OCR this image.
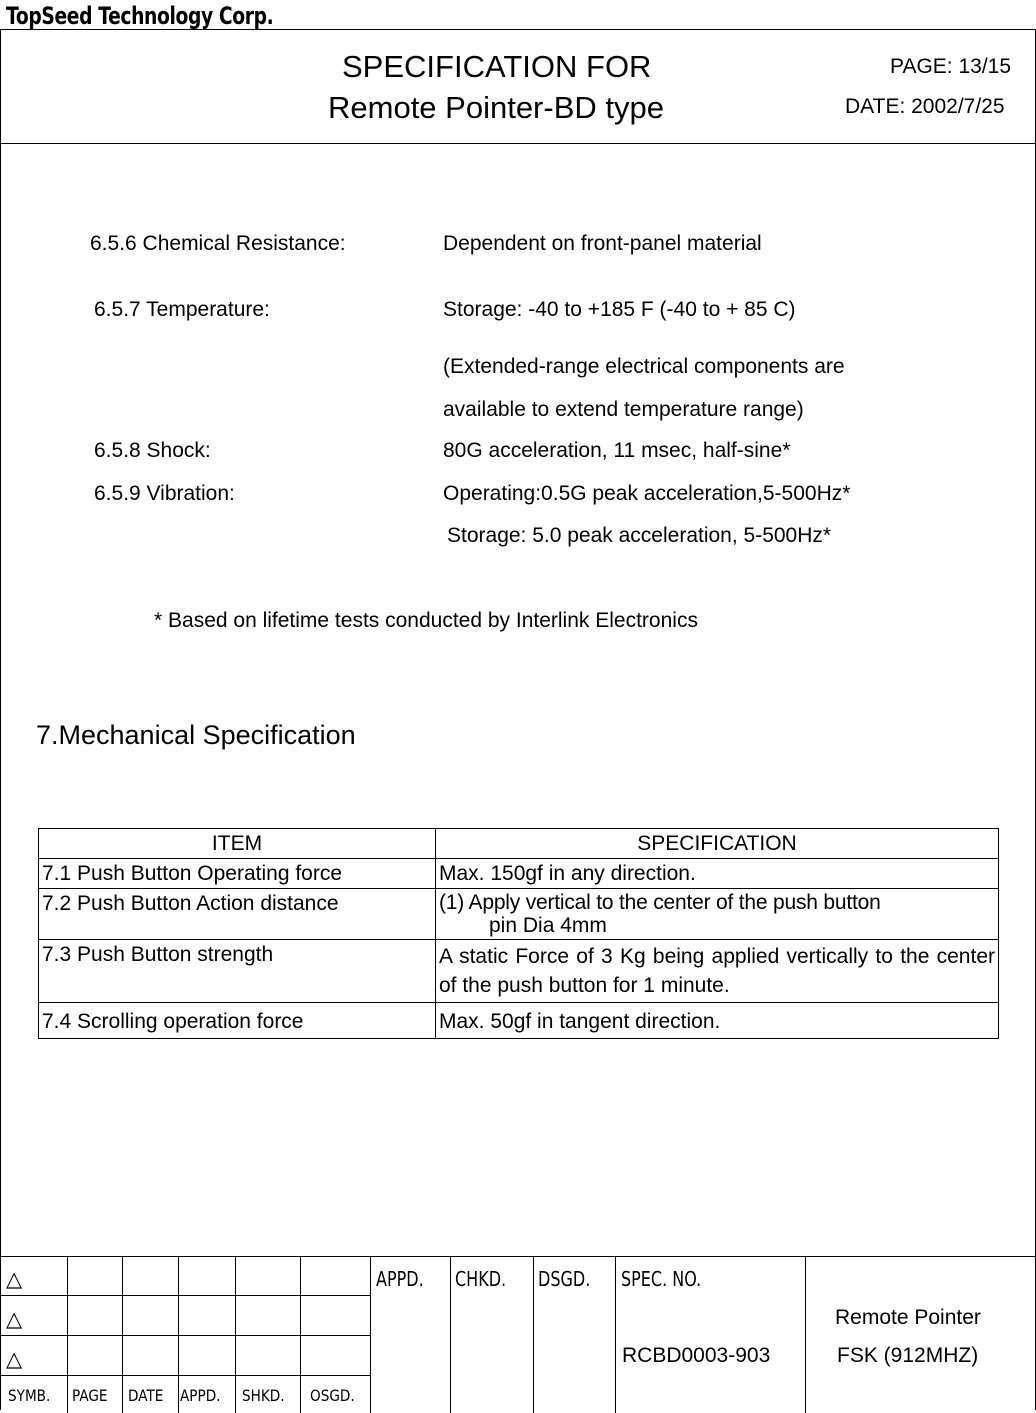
TopSeed Technology Corp.
SPECIFICATION FOR
Remote Pointer-BD type
PAGE: 13/15
DATE: 2002/7/25
6.5.6 Chemical Resistance:	Dependent on front-panel material
6.5.7 Temperature:	Storage: -40 to +185 F (-40 to + 85 C)
(Extended-range electrical components are
available to extend temperature range)
6.5.8 Shock:	80G acceleration, 11 msec, half-sine*
6.5.9 Vibration:	Operating:0.5G peak acceleration,5-500Hz*
Storage: 5.0 peak acceleration, 5-500Hz*
* Based on lifetime tests conducted by Interlink Electronics
7.Mechanical Specification
ITEM	SPECIFICATION
7.1 Push Button Operating force	Max. 150gf in any direction.
7.2 Push Button Action distance	(1) Apply vertical to the center of the push button
pin Dia 4mm

7.3 Push Button strength	A static Force of 3 Kg being applied vertically to the center of the push button for 1 minute.
7.4 Scrolling operation force	Max. 50gf in tangent direction.
△
△
△
SYMB. PAGE DATE APPD. SHKD. OSGD.
APPD. CHKD. DSGD. SPEC. NO.
RCBD0003-903
Remote Pointer
FSK (912MHZ)
